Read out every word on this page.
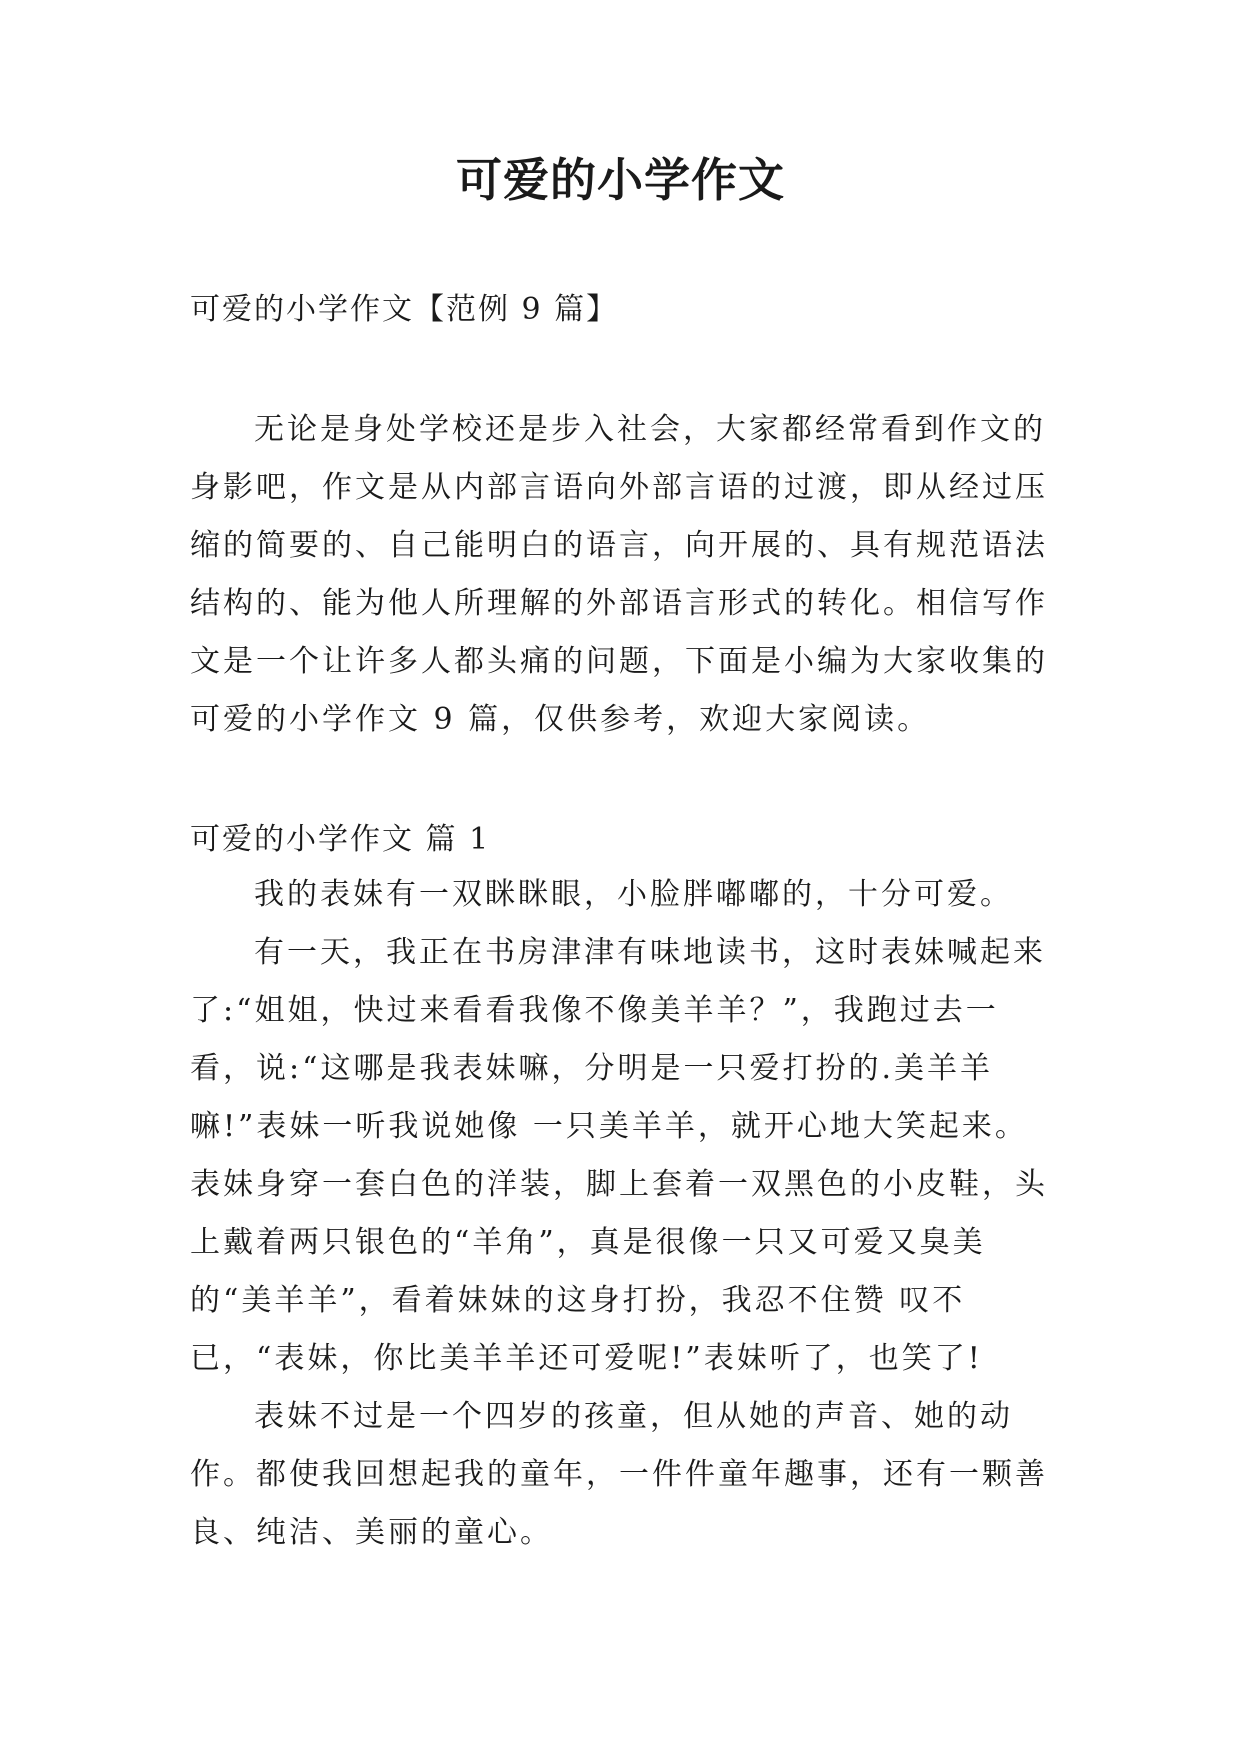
可爱的小学作文
可爱的小学作文【范例 9 篇】

无论是身处学校还是步入社会，大家都经常看到作文的身影吧，作文是从内部言语向外部言语的过渡，即从经过压缩的简要的、自己能明白的语言，向开展的、具有规范语法结构的、能为他人所理解的外部语言形式的转化。相信写作文是一个让许多人都头痛的问题，下面是小编为大家收集的可爱的小学作文 9 篇，仅供参考，欢迎大家阅读。

可爱的小学作文 篇 1

我的表妹有一双眯眯眼，小脸胖嘟嘟的，十分可爱。

有一天，我正在书房津津有味地读书，这时表妹喊起来了:“姐姐，快过来看看我像不像美羊羊？”，我跑过去一看，说:“这哪是我表妹嘛，分明是一只爱打扮的.美羊羊嘛!”表妹一听我说她像 一只美羊羊，就开心地大笑起来。表妹身穿一套白色的洋装，脚上套着一双黑色的小皮鞋，头上戴着两只银色的“羊角”，真是很像一只又可爱又臭美的“美羊羊”，看着妹妹的这身打扮，我忍不住赞 叹不已，“表妹，你比美羊羊还可爱呢!”表妹听了，也笑了!

表妹不过是一个四岁的孩童，但从她的声音、她的动作。都使我回想起我的童年，一件件童年趣事，还有一颗善良、纯洁、美丽的童心。
